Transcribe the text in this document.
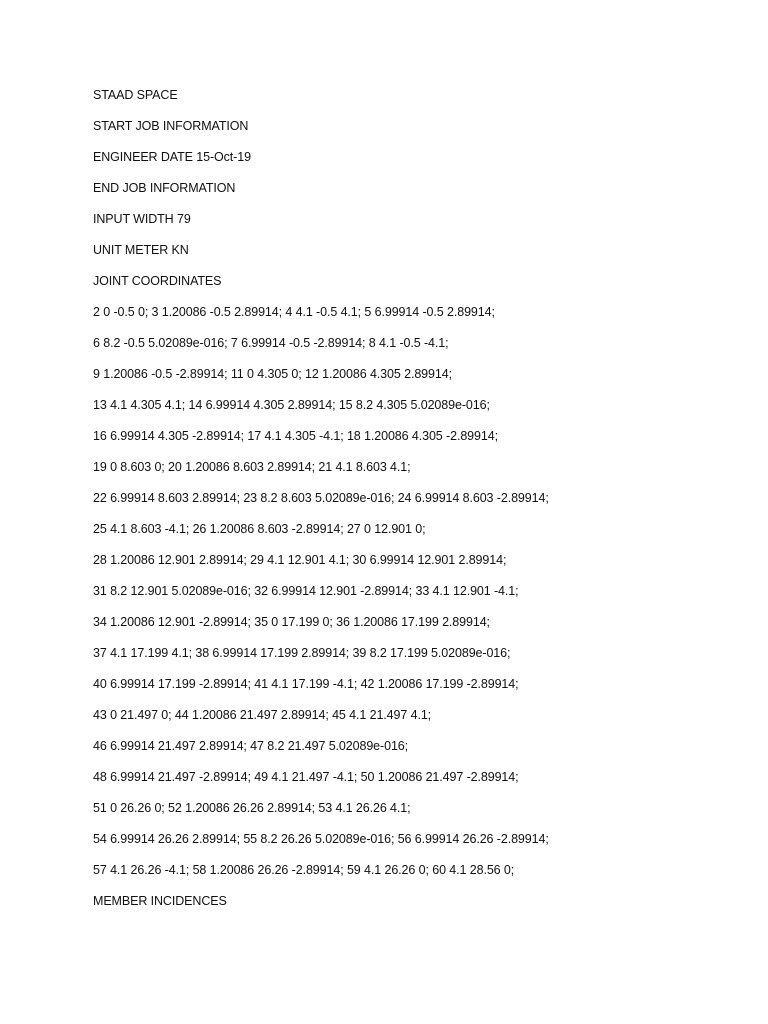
STAAD SPACE
START JOB INFORMATION
ENGINEER DATE 15-Oct-19
END JOB INFORMATION
INPUT WIDTH 79
UNIT METER KN
JOINT COORDINATES
2 0 -0.5 0; 3 1.20086 -0.5 2.89914; 4 4.1 -0.5 4.1; 5 6.99914 -0.5 2.89914;
6 8.2 -0.5 5.02089e-016; 7 6.99914 -0.5 -2.89914; 8 4.1 -0.5 -4.1;
9 1.20086 -0.5 -2.89914; 11 0 4.305 0; 12 1.20086 4.305 2.89914;
13 4.1 4.305 4.1; 14 6.99914 4.305 2.89914; 15 8.2 4.305 5.02089e-016;
16 6.99914 4.305 -2.89914; 17 4.1 4.305 -4.1; 18 1.20086 4.305 -2.89914;
19 0 8.603 0; 20 1.20086 8.603 2.89914; 21 4.1 8.603 4.1;
22 6.99914 8.603 2.89914; 23 8.2 8.603 5.02089e-016; 24 6.99914 8.603 -2.89914;
25 4.1 8.603 -4.1; 26 1.20086 8.603 -2.89914; 27 0 12.901 0;
28 1.20086 12.901 2.89914; 29 4.1 12.901 4.1; 30 6.99914 12.901 2.89914;
31 8.2 12.901 5.02089e-016; 32 6.99914 12.901 -2.89914; 33 4.1 12.901 -4.1;
34 1.20086 12.901 -2.89914; 35 0 17.199 0; 36 1.20086 17.199 2.89914;
37 4.1 17.199 4.1; 38 6.99914 17.199 2.89914; 39 8.2 17.199 5.02089e-016;
40 6.99914 17.199 -2.89914; 41 4.1 17.199 -4.1; 42 1.20086 17.199 -2.89914;
43 0 21.497 0; 44 1.20086 21.497 2.89914; 45 4.1 21.497 4.1;
46 6.99914 21.497 2.89914; 47 8.2 21.497 5.02089e-016;
48 6.99914 21.497 -2.89914; 49 4.1 21.497 -4.1; 50 1.20086 21.497 -2.89914;
51 0 26.26 0; 52 1.20086 26.26 2.89914; 53 4.1 26.26 4.1;
54 6.99914 26.26 2.89914; 55 8.2 26.26 5.02089e-016; 56 6.99914 26.26 -2.89914;
57 4.1 26.26 -4.1; 58 1.20086 26.26 -2.89914; 59 4.1 26.26 0; 60 4.1 28.56 0;
MEMBER INCIDENCES
